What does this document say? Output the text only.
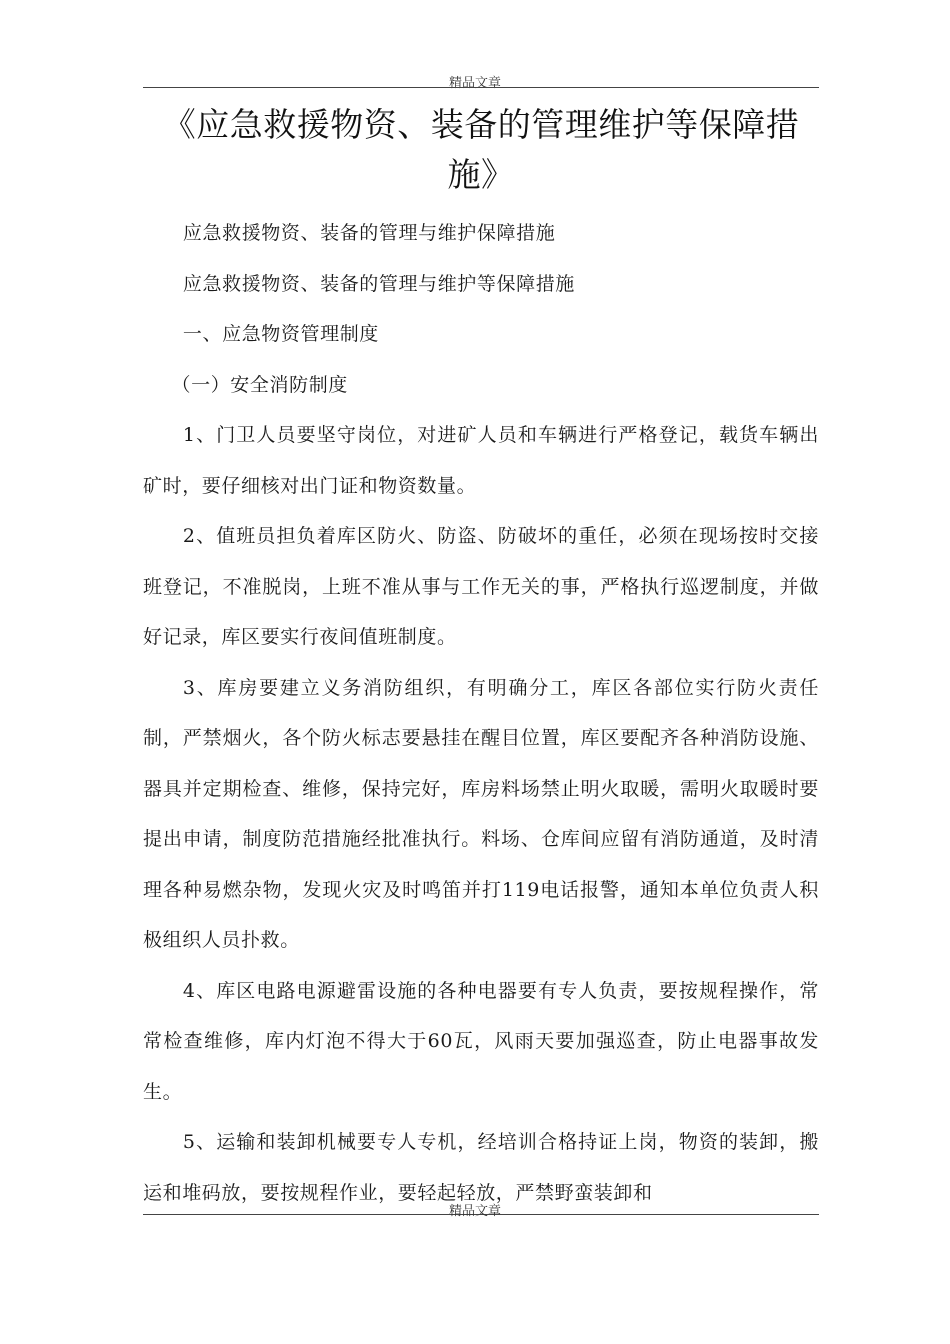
精品文章
《应急救援物资、装备的管理维护等保障措施》

应急救援物资、装备的管理与维护保障措施

应急救援物资、装备的管理与维护等保障措施

一、应急物资管理制度

（一）安全消防制度

1、门卫人员要坚守岗位，对进矿人员和车辆进行严格登记，载货车辆出矿时，要仔细核对出门证和物资数量。

2、值班员担负着库区防火、防盗、防破坏的重任，必须在现场按时交接班登记，不准脱岗，上班不准从事与工作无关的事，严格执行巡逻制度，并做好记录，库区要实行夜间值班制度。

3、库房要建立义务消防组织，有明确分工，库区各部位实行防火责任制，严禁烟火，各个防火标志要悬挂在醒目位置，库区要配齐各种消防设施、器具并定期检查、维修，保持完好，库房料场禁止明火取暖，需明火取暖时要提出申请，制度防范措施经批准执行。料场、仓库间应留有消防通道，及时清理各种易燃杂物，发现火灾及时鸣笛并打119电话报警，通知本单位负责人积极组织人员扑救。

4、库区电路电源避雷设施的各种电器要有专人负责，要按规程操作，常常检查维修，库内灯泡不得大于60瓦，风雨天要加强巡查，防止电器事故发生。

5、运输和装卸机械要专人专机，经培训合格持证上岗，物资的装卸，搬运和堆码放，要按规程作业，要轻起轻放，严禁野蛮装卸和

精品文章
